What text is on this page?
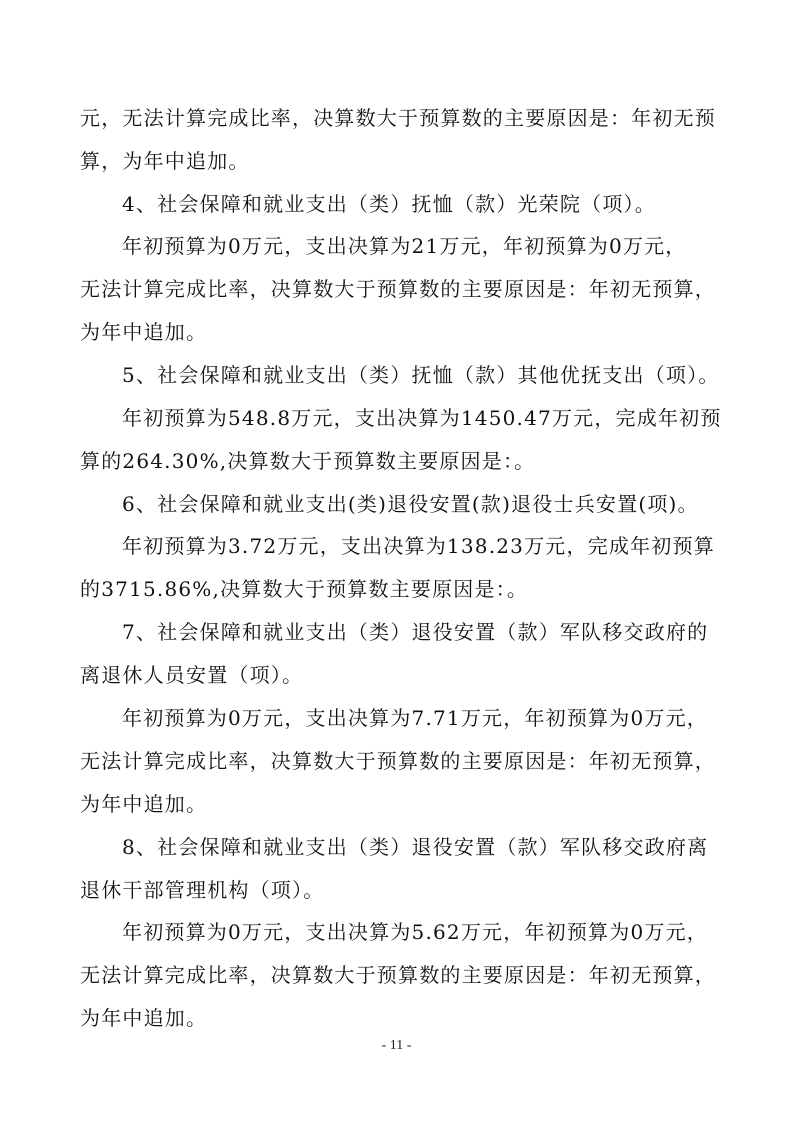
元，无法计算完成比率，决算数大于预算数的主要原因是：年初无预
算，为年中追加。
4、社会保障和就业支出（类）抚恤（款）光荣院（项）。
年初预算为0万元，支出决算为21万元，年初预算为0万元，
无法计算完成比率，决算数大于预算数的主要原因是：年初无预算，
为年中追加。
5、社会保障和就业支出（类）抚恤（款）其他优抚支出（项）。
年初预算为548.8万元，支出决算为1450.47万元，完成年初预
算的264.30%,决算数大于预算数主要原因是：。
6、社会保障和就业支出(类)退役安置(款)退役士兵安置(项)。
年初预算为3.72万元，支出决算为138.23万元，完成年初预算
的3715.86%,决算数大于预算数主要原因是：。
7、社会保障和就业支出（类）退役安置（款）军队移交政府的
离退休人员安置（项）。
年初预算为0万元，支出决算为7.71万元，年初预算为0万元，
无法计算完成比率，决算数大于预算数的主要原因是：年初无预算，
为年中追加。
8、社会保障和就业支出（类）退役安置（款）军队移交政府离
退休干部管理机构（项）。
年初预算为0万元，支出决算为5.62万元，年初预算为0万元，
无法计算完成比率，决算数大于预算数的主要原因是：年初无预算，
为年中追加。
- 11 -
